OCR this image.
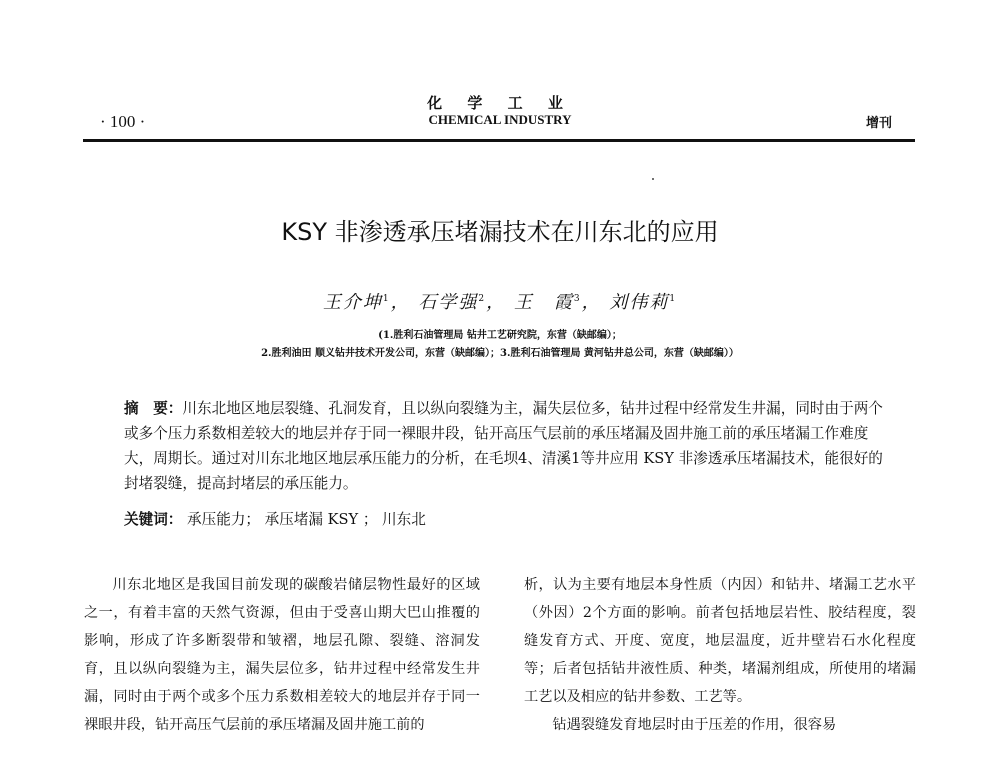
化 学 工 业
· 100 ·	CHEMICAL INDUSTRY	增刊
KSY 非渗透承压堵漏技术在川东北的应用
王介坤$^1$， 石学强$^2$， 王　霞$^3$， 刘伟莉$^1$
(1.胜利石油管理局 钻井工艺研究院，东营（缺邮编）；
2.胜利油田 顺义钻井技术开发公司，东营（缺邮编）；3.胜利石油管理局 黄河钻井总公司，东营（缺邮编））
摘　要：川东北地区地层裂缝、孔洞发育，且以纵向裂缝为主，漏失层位多，钻井过程中经常发生井漏，同时由于两个或多个压力系数相差较大的地层并存于同一裸眼井段，钻开高压气层前的承压堵漏及固井施工前的承压堵漏工作难度大，周期长。通过对川东北地区地层承压能力的分析，在毛坝4、清溪1等井应用 KSY 非渗透承压堵漏技术，能很好的封堵裂缝，提高封堵层的承压能力。
关键词： 承压能力； 承压堵漏 KSY ； 川东北

川东北地区是我国目前发现的碳酸岩储层物性最好的区域之一，有着丰富的天然气资源，但由于受喜山期大巴山推覆的影响，形成了许多断裂带和皱褶，地层孔隙、裂缝、溶洞发育，且以纵向裂缝为主，漏失层位多，钻井过程中经常发生井漏，同时由于两个或多个压力系数相差较大的地层并存于同一裸眼井段，钻开高压气层前的承压堵漏及固井施工前的

析，认为主要有地层本身性质（内因）和钻井、堵漏工艺水平（外因）2个方面的影响。前者包括地层岩性、胶结程度，裂缝发育方式、开度、宽度，地层温度，近井壁岩石水化程度等；后者包括钻井液性质、种类，堵漏剂组成，所使用的堵漏工艺以及相应的钻井参数、工艺等。

钻遇裂缝发育地层时由于压差的作用，很容易
